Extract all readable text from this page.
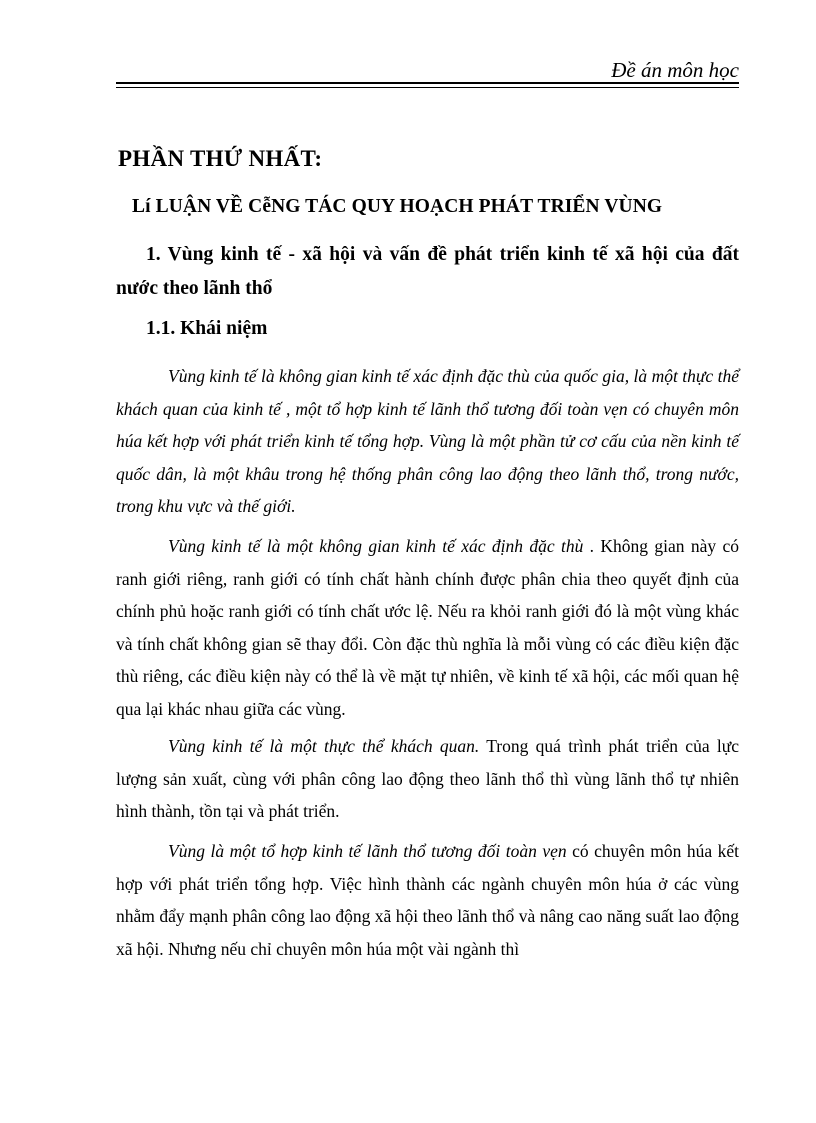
Đề án môn học
PHẦN THỨ NHẤT:
Lí LUẬN VỀ CễNG TÁC QUY HOẠCH PHÁT TRIỂN VÙNG
1. Vùng kinh tế - xã hội và vấn đề phát triển kinh tế xã hội của đất nước theo lãnh thổ
1.1. Khái niệm

Vùng kinh tế là không gian kinh tế xác định đặc thù của quốc gia, là một thực thể khách quan của kinh tế , một tổ hợp kinh tế lãnh thổ tương đối toàn vẹn có chuyên môn húa kết hợp với phát triển kinh tế tổng hợp. Vùng là một phần tử cơ cấu của nền kinh tế quốc dân, là một khâu trong hệ thống phân công lao động theo lãnh thổ, trong nước, trong khu vực và thế giới.

Vùng kinh tế là một không gian kinh tế xác định đặc thù . Không gian này có ranh giới riêng, ranh giới có tính chất hành chính được phân chia theo quyết định của chính phủ hoặc ranh giới có tính chất ước lệ. Nếu ra khỏi ranh giới đó là một vùng khác và tính chất không gian sẽ thay đổi. Còn đặc thù nghĩa là mỗi vùng có các điều kiện đặc thù riêng, các điều kiện này có thể là về mặt tự nhiên, về kinh tế xã hội, các mối quan hệ qua lại khác nhau giữa các vùng.

Vùng kinh tế là một thực thể khách quan. Trong quá trình phát triển của lực lượng sản xuất, cùng với phân công lao động theo lãnh thổ thì vùng lãnh thổ tự nhiên hình thành, tồn tại và phát triển.

Vùng là một tổ hợp kinh tế lãnh thổ tương đối toàn vẹn có chuyên môn húa kết hợp với phát triển tổng hợp. Việc hình thành các ngành chuyên môn húa ở các vùng nhằm đẩy mạnh phân công lao động xã hội theo lãnh thổ và nâng cao năng suất lao động xã hội. Nhưng nếu chỉ chuyên môn húa một vài ngành thì
